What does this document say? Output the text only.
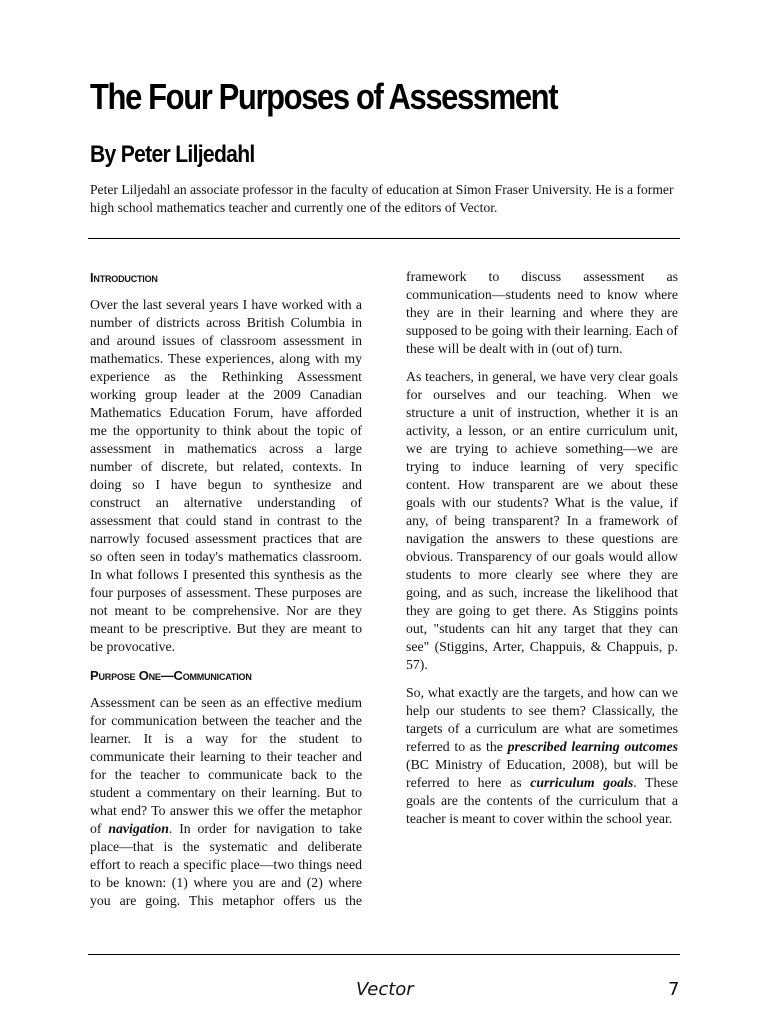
The Four Purposes of Assessment
By Peter Liljedahl

Peter Liljedahl an associate professor in the faculty of education at Simon Fraser University. He is a former high school mathematics teacher and currently one of the editors of Vector.

Introduction

Over the last several years I have worked with a number of districts across British Columbia in and around issues of classroom assessment in mathematics. These experiences, along with my experience as the Rethinking Assessment working group leader at the 2009 Canadian Mathematics Education Forum, have afforded me the opportunity to think about the topic of assessment in mathematics across a large number of discrete, but related, contexts. In doing so I have begun to synthesize and construct an alternative understanding of assessment that could stand in contrast to the narrowly focused assessment practices that are so often seen in today's mathematics classroom. In what follows I presented this synthesis as the four purposes of assessment. These purposes are not meant to be comprehensive. Nor are they meant to be prescriptive. But they are meant to be provocative.

Purpose One—Communication

Assessment can be seen as an effective medium for communication between the teacher and the learner. It is a way for the student to communicate their learning to their teacher and for the teacher to communicate back to the student a commentary on their learning. But to what end? To answer this we offer the metaphor of navigation. In order for navigation to take place—that is the systematic and deliberate effort to reach a specific place—two things need to be known: (1) where you are and (2) where you are going. This metaphor offers us the

framework to discuss assessment as communication—students need to know where they are in their learning and where they are supposed to be going with their learning. Each of these will be dealt with in (out of) turn.

As teachers, in general, we have very clear goals for ourselves and our teaching. When we structure a unit of instruction, whether it is an activity, a lesson, or an entire curriculum unit, we are trying to achieve something—we are trying to induce learning of very specific content. How transparent are we about these goals with our students? What is the value, if any, of being transparent? In a framework of navigation the answers to these questions are obvious. Transparency of our goals would allow students to more clearly see where they are going, and as such, increase the likelihood that they are going to get there. As Stiggins points out, "students can hit any target that they can see" (Stiggins, Arter, Chappuis, & Chappuis, p. 57).

So, what exactly are the targets, and how can we help our students to see them? Classically, the targets of a curriculum are what are sometimes referred to as the prescribed learning outcomes (BC Ministry of Education, 2008), but will be referred to here as curriculum goals. These goals are the contents of the curriculum that a teacher is meant to cover within the school year.

Vector	7
